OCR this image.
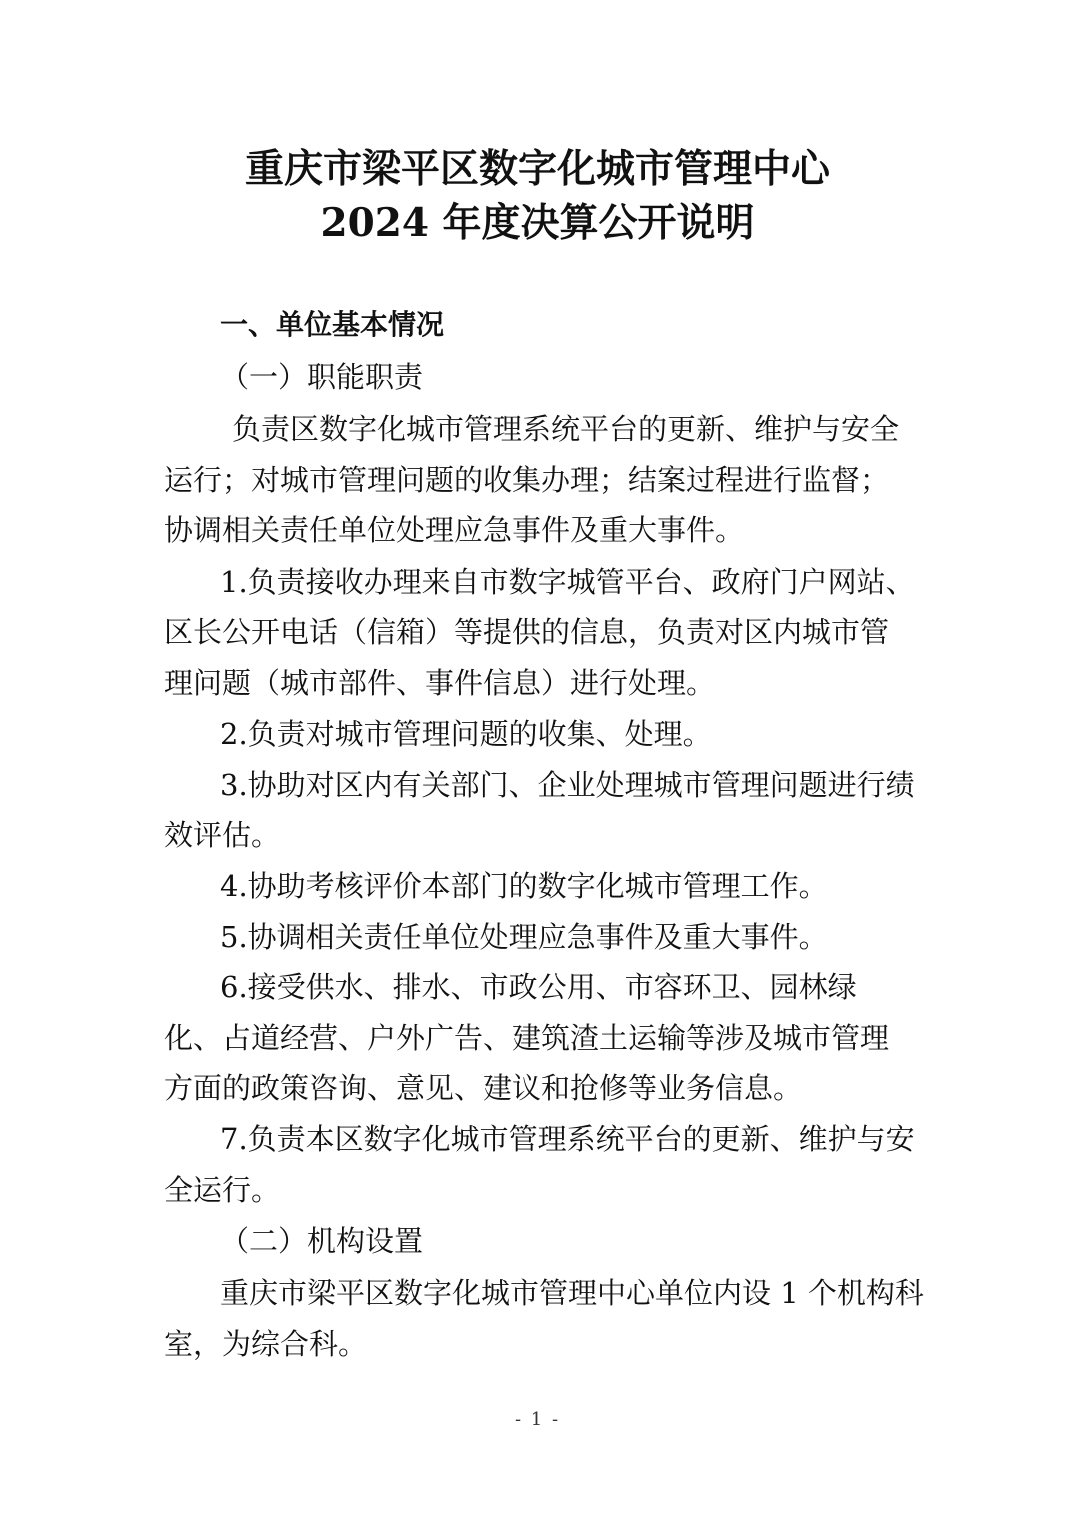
重庆市梁平区数字化城市管理中心
2024 年度决算公开说明
一、单位基本情况
（一）职能职责
负责区数字化城市管理系统平台的更新、维护与安全
运行；对城市管理问题的收集办理；结案过程进行监督；
协调相关责任单位处理应急事件及重大事件。
1.负责接收办理来自市数字城管平台、政府门户网站、
区长公开电话（信箱）等提供的信息，负责对区内城市管
理问题（城市部件、事件信息）进行处理。
2.负责对城市管理问题的收集、处理。
3.协助对区内有关部门、企业处理城市管理问题进行绩
效评估。
4.协助考核评价本部门的数字化城市管理工作。
5.协调相关责任单位处理应急事件及重大事件。
6.接受供水、排水、市政公用、市容环卫、园林绿
化、占道经营、户外广告、建筑渣土运输等涉及城市管理
方面的政策咨询、意见、建议和抢修等业务信息。
7.负责本区数字化城市管理系统平台的更新、维护与安
全运行。
（二）机构设置
重庆市梁平区数字化城市管理中心单位内设 1 个机构科
室，为综合科。
- 1 -
